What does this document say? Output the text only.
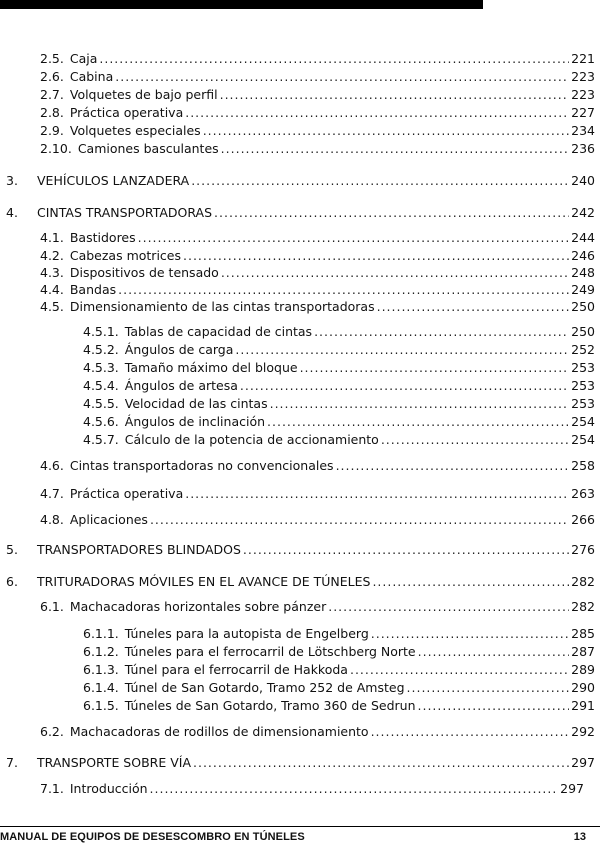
2.5. Caja .....	221
2.6. Cabina .....	223
2.7. Volquetes de bajo perfil .....	223
2.8. Práctica operativa .....	227
2.9. Volquetes especiales .....	234
2.10. Camiones basculantes .....	236
3.	VEHÍCULOS LANZADERA .....	240
4.	CINTAS TRANSPORTADORAS .....	242
4.1. Bastidores .....	244
4.2. Cabezas motrices .....	246
4.3. Dispositivos de tensado .....	248
4.4. Bandas .....	249
4.5. Dimensionamiento de las cintas transportadoras .....	250
4.5.1. Tablas de capacidad de cintas .....	250
4.5.2. Ángulos de carga .....	252
4.5.3. Tamaño máximo del bloque .....	253
4.5.4. Ángulos de artesa .....	253
4.5.5. Velocidad de las cintas .....	253
4.5.6. Ángulos de inclinación .....	254
4.5.7. Cálculo de la potencia de accionamiento .....	254
4.6. Cintas transportadoras no convencionales .....	258
4.7. Práctica operativa .....	263
4.8. Aplicaciones .....	266
5.	TRANSPORTADORES BLINDADOS .....	276
6.	TRITURADORAS MÓVILES EN EL AVANCE DE TÚNELES .....	282
6.1. Machacadoras horizontales sobre pánzer .....	282
6.1.1. Túneles para la autopista de Engelberg .....	285
6.1.2. Túneles para el ferrocarril de Lötschberg Norte .....	287
6.1.3. Túnel para el ferrocarril de Hakkoda .....	289
6.1.4. Túnel de San Gotardo, Tramo 252 de Amsteg .....	290
6.1.5. Túneles de San Gotardo, Tramo 360 de Sedrun .....	291
6.2. Machacadoras de rodillos de dimensionamiento .....	292
7.	TRANSPORTE SOBRE VÍA .....	297
7.1. Introducción .....	297
MANUAL DE EQUIPOS DE DESESCOMBRO EN TÚNELES	13
